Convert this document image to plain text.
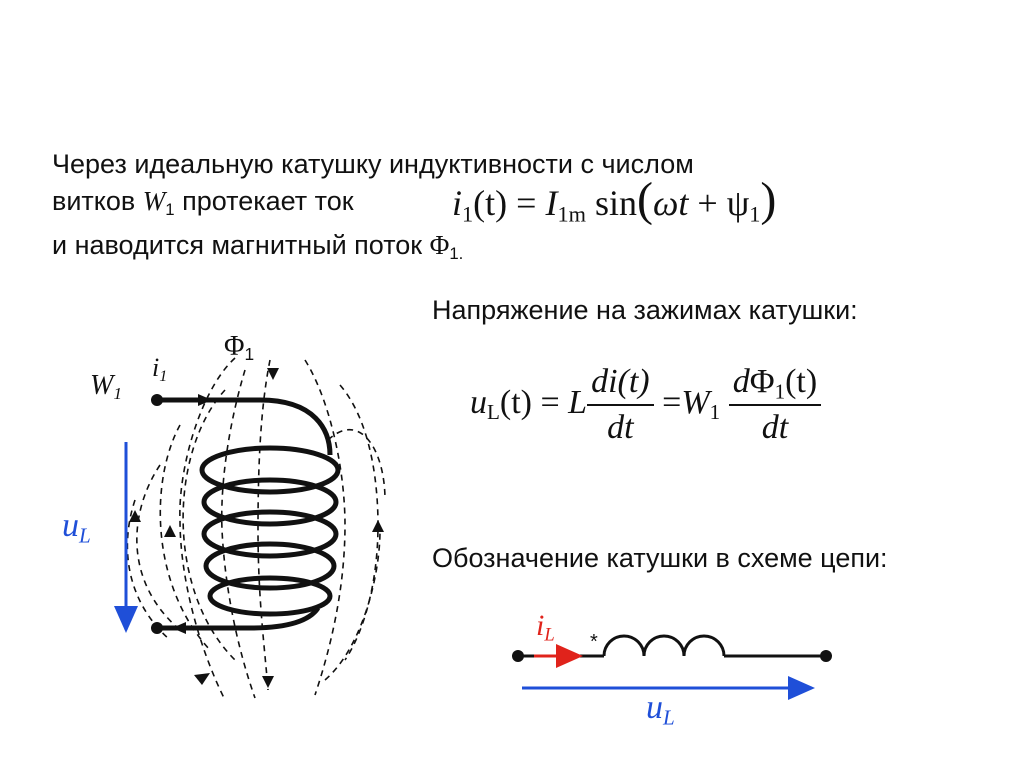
Через идеальную катушку индуктивности с числом
витков $W_1$ протекает ток
и наводится магнитный поток $\Phi_{1.}$
$i_1(t) = I_{1m}$ $\sin(\omega t + \psi_1)$
Напряжение на зажимах катушки:
$u_L(t) = L \frac{di(t)}{dt} =W_1 \frac{d\Phi_1(t)}{dt}$
Обозначение катушки в схеме цепи:
$W_1$
$i_1$
$\Phi_1$
$u_L$
$i_L$ *
$u_L$
